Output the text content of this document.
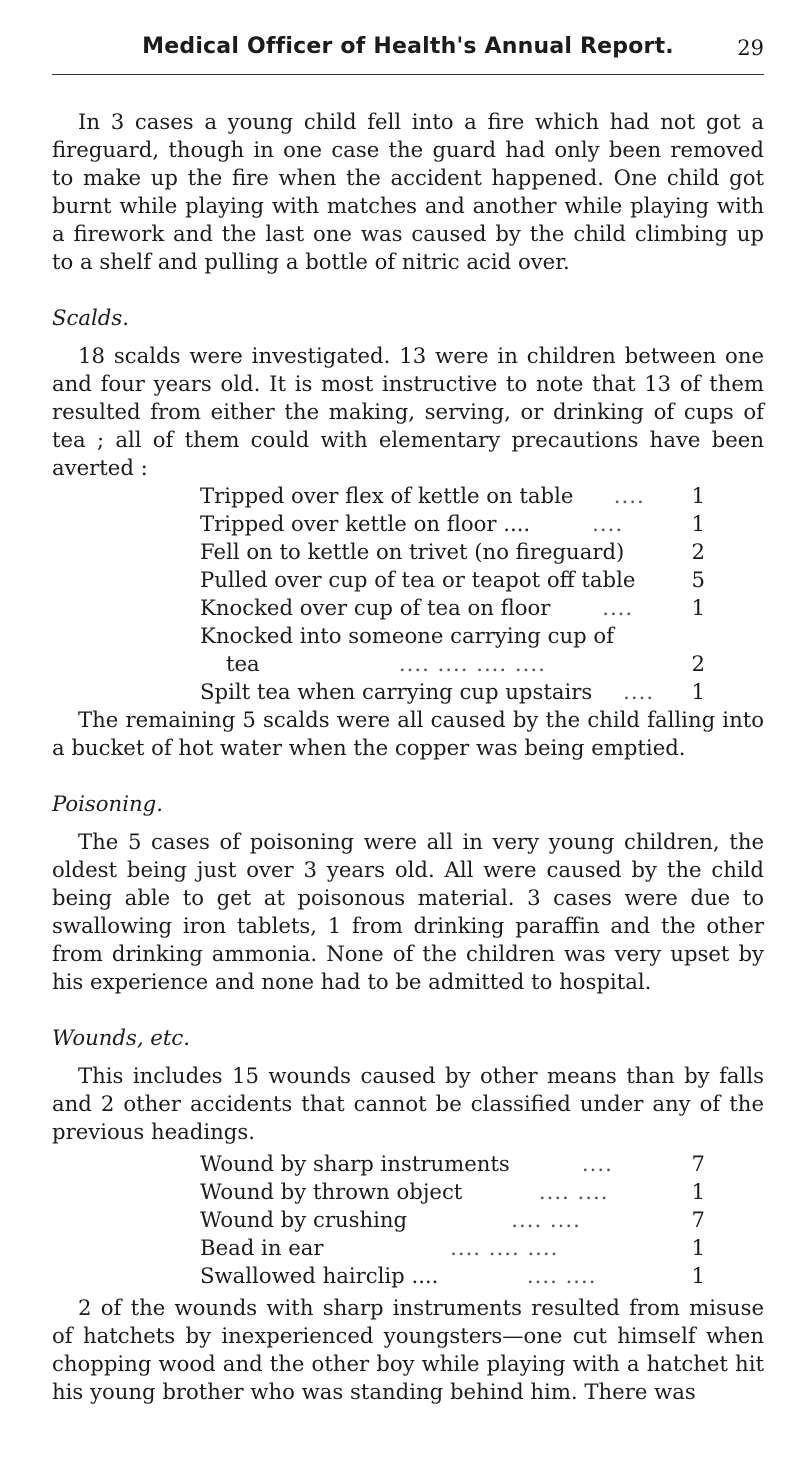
Medical Officer of Health's Annual Report.	29

In 3 cases a young child fell into a fire which had not got a fireguard, though in one case the guard had only been removed to make up the fire when the accident happened. One child got burnt while playing with matches and another while playing with a firework and the last one was caused by the child climbing up to a shelf and pulling a bottle of nitric acid over.

Scalds.

18 scalds were investigated. 13 were in children between one and four years old. It is most instructive to note that 13 of them resulted from either the making, serving, or drinking of cups of tea ; all of them could with elementary precautions have been averted :

Tripped over flex of kettle on table ....	1
Tripped over kettle on floor ....	....	1
Fell on to kettle on trivet (no fireguard)	2
Pulled over cup of tea or teapot off table	5
Knocked over cup of tea on floor ....	1
Knocked into someone carrying cup of
tea	.... .... .... ....	2
Spilt tea when carrying cup upstairs ....	1

The remaining 5 scalds were all caused by the child falling into a bucket of hot water when the copper was being emptied.

Poisoning.

The 5 cases of poisoning were all in very young children, the oldest being just over 3 years old. All were caused by the child being able to get at poisonous material. 3 cases were due to swallowing iron tablets, 1 from drinking paraffin and the other from drinking ammonia. None of the children was very upset by his experience and none had to be admitted to hospital.

Wounds, etc.

This includes 15 wounds caused by other means than by falls and 2 other accidents that cannot be classified under any of the previous headings.

Wound by sharp instruments	....	7
Wound by thrown object	.... ....	1
Wound by crushing	.... ....	7
Bead in ear	.... .... ....	1
Swallowed hairclip ....	.... ....	1

2 of the wounds with sharp instruments resulted from misuse of hatchets by inexperienced youngsters—one cut himself when chopping wood and the other boy while playing with a hatchet hit his young brother who was standing behind him. There was
